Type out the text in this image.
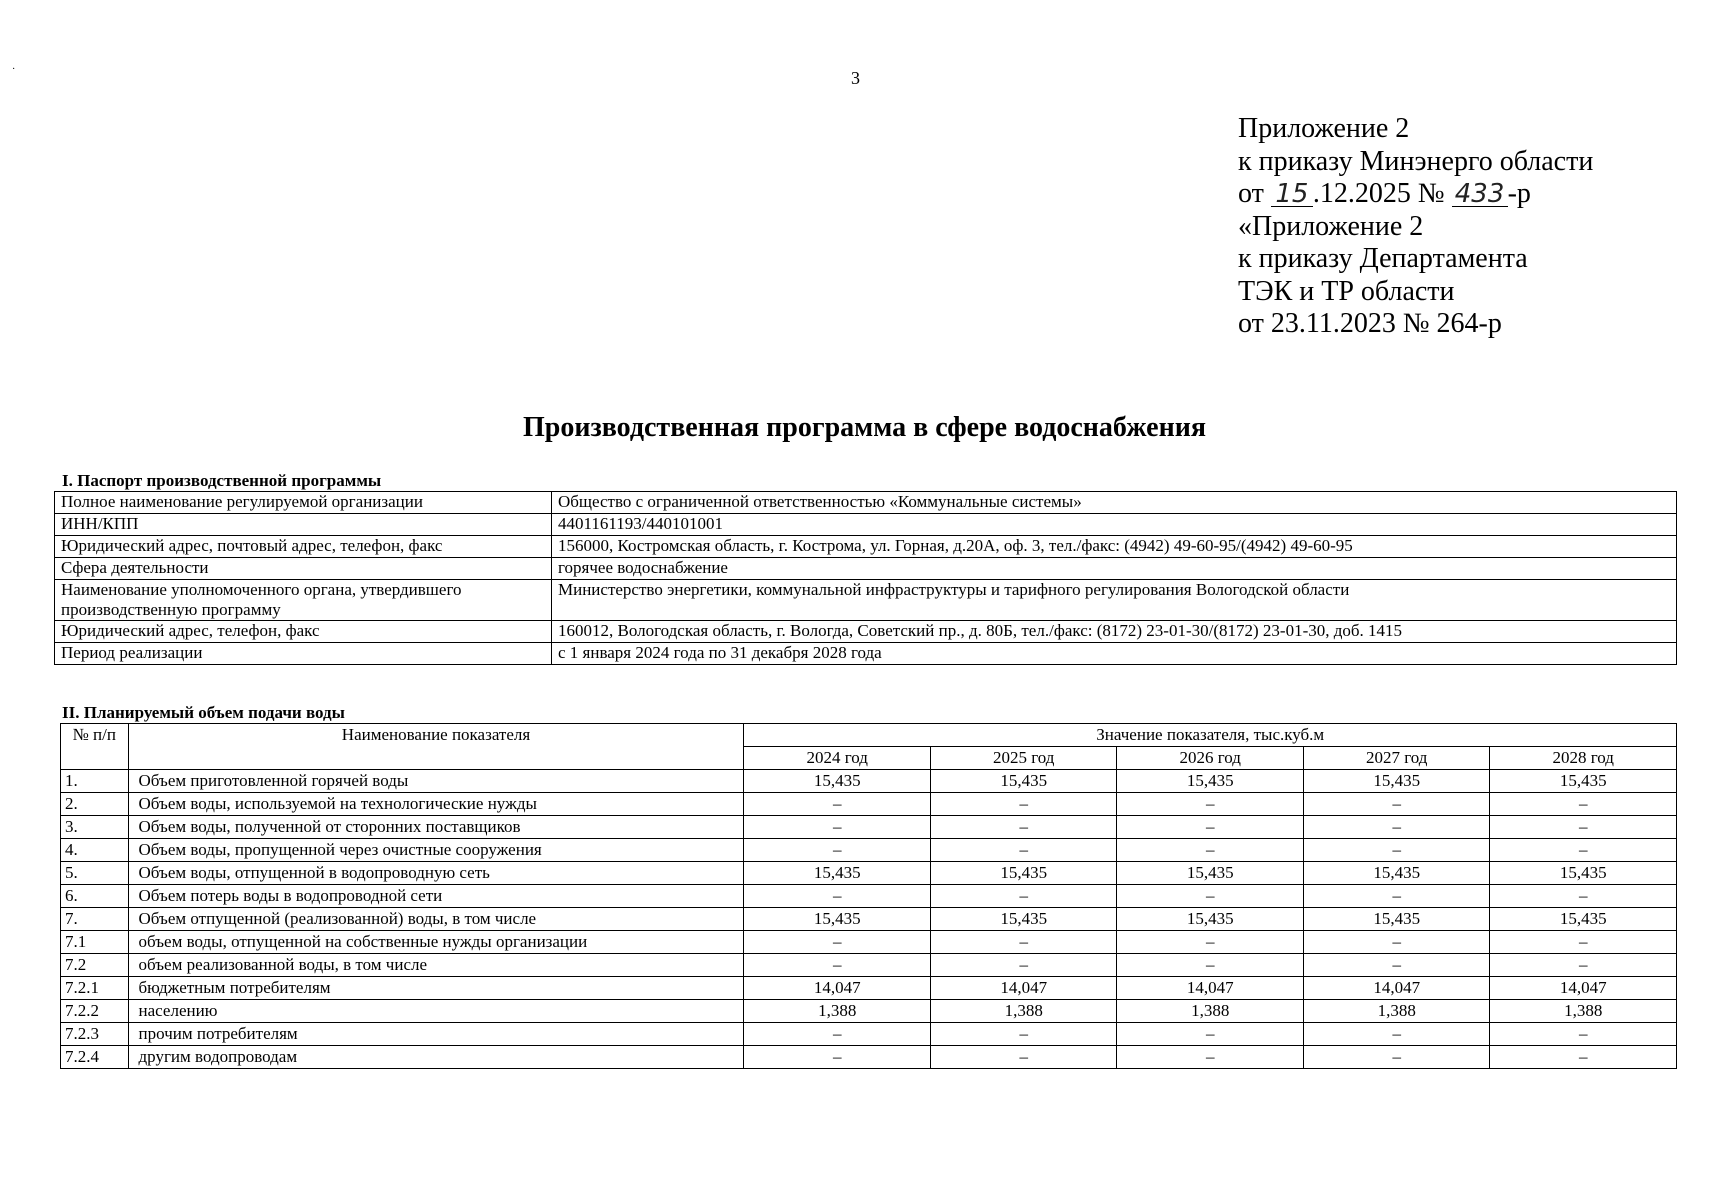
·	3
Приложение 2
к приказу Минэнерго области
от 15 .12.2025 № 433 -р
«Приложение 2
к приказу Департамента
ТЭК и ТР области
от 23.11.2023 № 264-р
Производственная программа в сфере водоснабжения
I. Паспорт производственной программы
Полное наименование регулируемой организации	Общество с ограниченной ответственностью «Коммунальные системы»
ИНН/КПП	4401161193/440101001
Юридический адрес, почтовый адрес, телефон, факс	156000, Костромская область, г. Кострома, ул. Горная, д.20А, оф. 3, тел./факс: (4942) 49-60-95/(4942) 49-60-95
Сфера деятельности	горячее водоснабжение
Наименование уполномоченного органа, утвердившего производственную программу	Министерство энергетики, коммунальной инфраструктуры и тарифного регулирования Вологодской области
Юридический адрес, телефон, факс	160012, Вологодская область, г. Вологда, Советский пр., д. 80Б, тел./факс: (8172) 23-01-30/(8172) 23-01-30, доб. 1415
Период реализации	с 1 января 2024 года по 31 декабря 2028 года
II. Планируемый объем подачи воды
№ п/п	Наименование показателя	Значение показателя, тыс.куб.м				
		2024 год	2025 год	2026 год	2027 год	2028 год
1.	Объем приготовленной горячей воды	15,435	15,435	15,435	15,435	15,435
2.	Объем воды, используемой на технологические нужды	–	–	–	–	–
3.	Объем воды, полученной от сторонних поставщиков	–	–	–	–	–
4.	Объем воды, пропущенной через очистные сооружения	–	–	–	–	–
5.	Объем воды, отпущенной в водопроводную сеть	15,435	15,435	15,435	15,435	15,435
6.	Объем потерь воды в водопроводной сети	–	–	–	–	–
7.	Объем отпущенной (реализованной) воды, в том числе	15,435	15,435	15,435	15,435	15,435
7.1	объем воды, отпущенной на собственные нужды организации	–	–	–	–	–
7.2	объем реализованной воды, в том числе	–	–	–	–	–
7.2.1	бюджетным потребителям	14,047	14,047	14,047	14,047	14,047
7.2.2	населению	1,388	1,388	1,388	1,388	1,388
7.2.3	прочим потребителям	–	–	–	–	–
7.2.4	другим водопроводам	–	–	–	–	–
